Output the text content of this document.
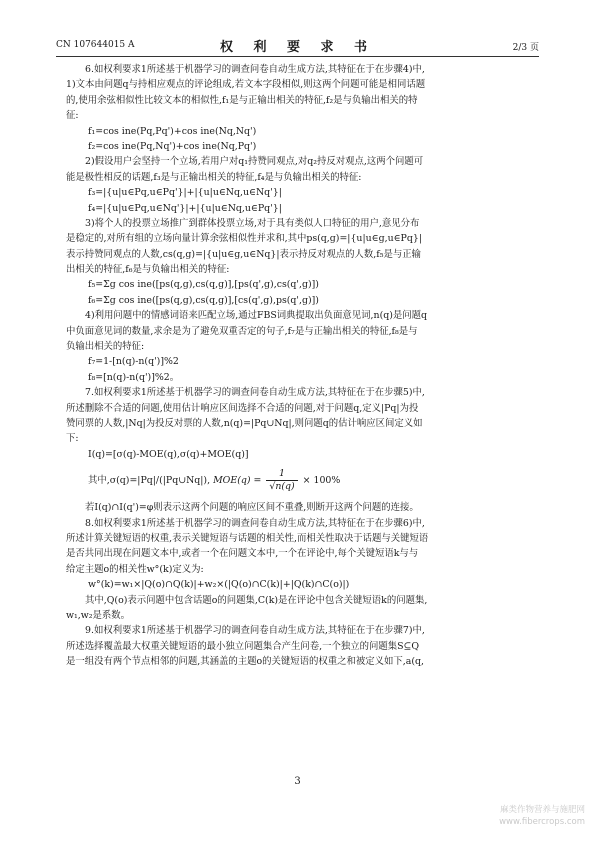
CN 107644015 A	权 利 要 求 书	2/3 页
6.如权利要求1所述基于机器学习的调查问卷自动生成方法,其特征在于在步骤4)中,
1)文本由问题q与持相应观点的评论组成,若文本字段相似,则这两个问题可能是相同话题
的,使用余弦相似性比较文本的相似性,f₁是与正输出相关的特征,f₂是与负输出相关的特
征:
f₁=cos ine(Pq,Pq')+cos ine(Nq,Nq')
f₂=cos ine(Pq,Nq')+cos ine(Nq,Pq')
2)假设用户会坚持一个立场,若用户对q₁持赞同观点,对q₂持反对观点,这两个问题可
能是极性相反的话题,f₃是与正输出相关的特征,f₄是与负输出相关的特征:
f₃=|{u|u∈Pq,u∈Pq'}|+|{u|u∈Nq,u∈Nq'}|
f₄=|{u|u∈Pq,u∈Nq'}|+|{u|u∈Nq,u∈Pq'}|
3)将个人的投票立场推广到群体投票立场,对于具有类似人口特征的用户,意见分布
是稳定的,对所有组的立场向量计算余弦相似性并求和,其中ps(q,g)=|{u|u∈g,u∈Pq}|
表示持赞同观点的人数,cs(q,g)=|{u|u∈g,u∈Nq}|表示持反对观点的人数,f₅是与正输
出相关的特征,f₆是与负输出相关的特征:
f₅=Σg cos ine([ps(q,g),cs(q,g)],[ps(q',g),cs(q',g)])
f₆=Σg cos ine([ps(q,g),cs(q,g)],[cs(q',g),ps(q',g)])
4)利用问题中的情感词语来匹配立场,通过FBS词典提取出负面意见词,n(q)是问题q
中负面意见词的数量,求余是为了避免双重否定的句子,f₇是与正输出相关的特征,f₈是与
负输出相关的特征:
f₇=1-[n(q)-n(q')]%2
f₈=[n(q)-n(q')]%2。
7.如权利要求1所述基于机器学习的调查问卷自动生成方法,其特征在于在步骤5)中,
所述删除不合适的问题,使用估计响应区间选择不合适的问题,对于问题q,定义|Pq|为投
赞同票的人数,|Nq|为投反对票的人数,n(q)=|Pq∪Nq|,则问题q的估计响应区间定义如
下:
I(q)=[σ(q)-MOE(q),σ(q)+MOE(q)]
其中,σ(q)=|Pq|/(|Pq∪Nq|), $MOE(q) = \frac{1}{√n(q)} \times 100\%$
若I(q)∩I(q')=φ则表示这两个问题的响应区间不重叠,则断开这两个问题的连接。
8.如权利要求1所述基于机器学习的调查问卷自动生成方法,其特征在于在步骤6)中,
所述计算关键短语的权重,表示关键短语与话题的相关性,而相关性取决于话题与关键短语
是否共同出现在问题文本中,或者一个在问题文本中,一个在评论中,每个关键短语k与与
给定主题o的相关性w°(k)定义为:
w°(k)=w₁×|Q(o)∩Q(k)|+w₂×(|Q(o)∩C(k)|+|Q(k)∩C(o)|)
其中,Q(o)表示问题中包含话题o的问题集,C(k)是在评论中包含关键短语k的问题集,
w₁,w₂是系数。
9.如权利要求1所述基于机器学习的调查问卷自动生成方法,其特征在于在步骤7)中,
所述选择覆盖最大权重关键短语的最小独立问题集合产生问卷,一个独立的问题集S⊆Q
是一组没有两个节点相邻的问题,其涵盖的主题o的关键短语的权重之和被定义如下,a(q,
3
麻类作物营养与施肥网
www.fibercrops.com
